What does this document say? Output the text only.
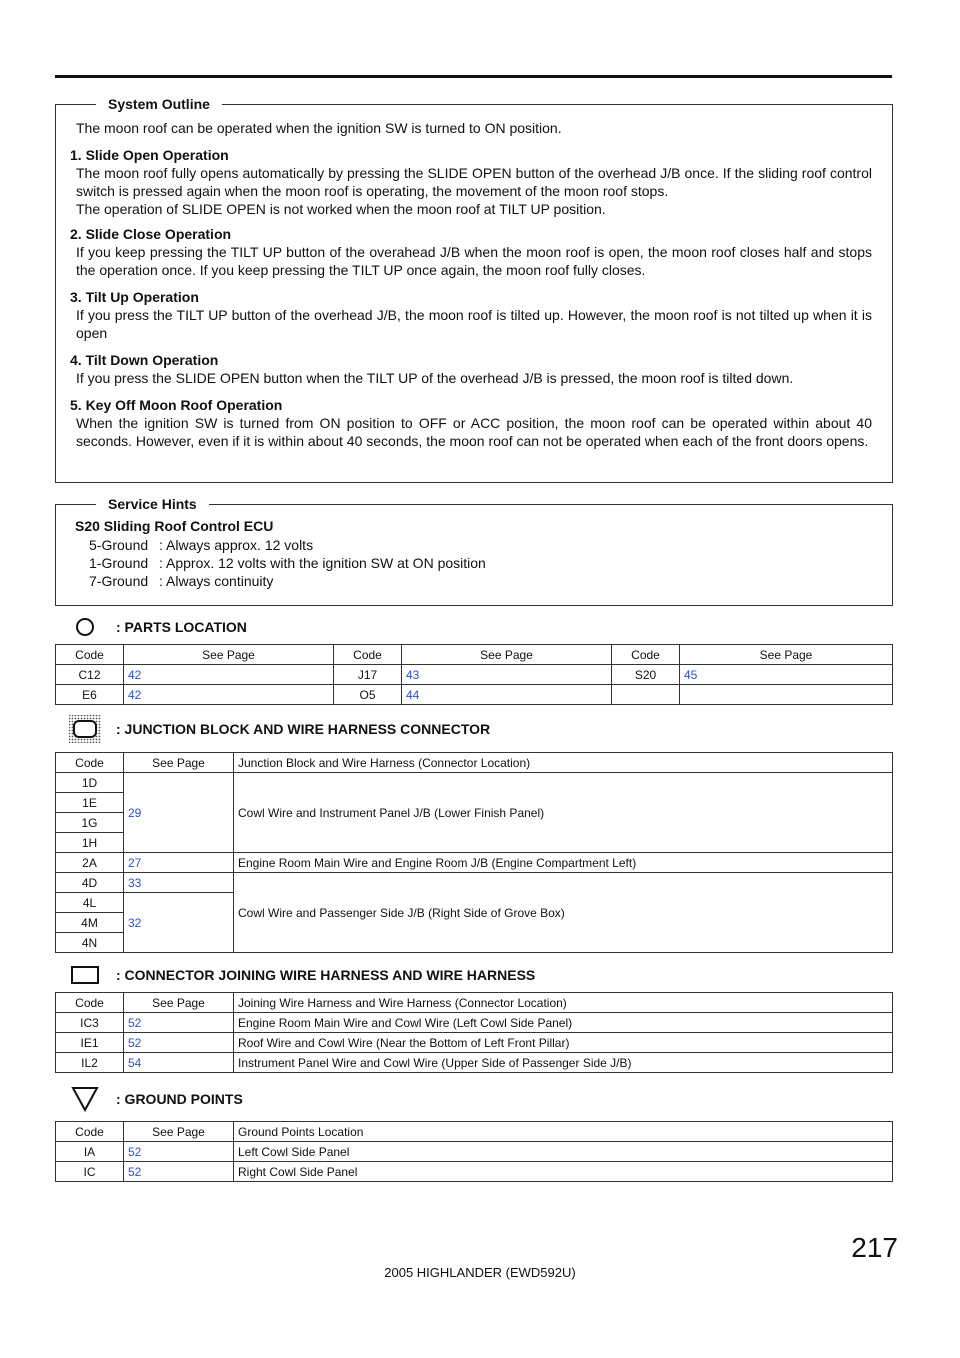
System Outline
The moon roof can be operated when the ignition SW is turned to ON position.
1. Slide Open Operation
The moon roof fully opens automatically by pressing the SLIDE OPEN button of the overhead J/B once. If the sliding roof control switch is pressed again when the moon roof is operating, the movement of the moon roof stops.
The operation of SLIDE OPEN is not worked when the moon roof at TILT UP position.
2. Slide Close Operation
If you keep pressing the TILT UP button of the overahead J/B when the moon roof is open, the moon roof closes half and stops the operation once. If you keep pressing the TILT UP once again, the moon roof fully closes.
3. Tilt Up Operation
If you press the TILT UP button of the overhead J/B, the moon roof is tilted up. However, the moon roof is not tilted up when it is open
4. Tilt Down Operation
If you press the SLIDE OPEN button when the TILT UP of the overhead J/B is pressed, the moon roof is tilted down.
5. Key Off Moon Roof Operation
When the ignition SW is turned from ON position to OFF or ACC position, the moon roof can be operated within about 40 seconds. However, even if it is within about 40 seconds, the moon roof can not be operated when each of the front doors opens.
Service Hints
S20 Sliding Roof Control ECU
5-Ground : Always approx. 12 volts
1-Ground : Approx. 12 volts with the ignition SW at ON position
7-Ground : Always continuity
: PARTS LOCATION
Code	See Page	Code	See Page	Code	See Page
C12	42	J17	43	S20	45
E6	42	O5	44		
: JUNCTION BLOCK AND WIRE HARNESS CONNECTOR
Code	See Page	Junction Block and Wire Harness (Connector Location)
1D	29	Cowl Wire and Instrument Panel J/B (Lower Finish Panel)
1E		
1G		
1H		
2A	27	Engine Room Main Wire and Engine Room J/B (Engine Compartment Left)
4D	33	Cowl Wire and Passenger Side J/B (Right Side of Grove Box)
4L	32	
4M		
4N		
: CONNECTOR JOINING WIRE HARNESS AND WIRE HARNESS
Code	See Page	Joining Wire Harness and Wire Harness (Connector Location)
IC3	52	Engine Room Main Wire and Cowl Wire (Left Cowl Side Panel)
IE1	52	Roof Wire and Cowl Wire (Near the Bottom of Left Front Pillar)
IL2	54	Instrument Panel Wire and Cowl Wire (Upper Side of Passenger Side J/B)
: GROUND POINTS
Code	See Page	Ground Points Location
IA	52	Left Cowl Side Panel
IC	52	Right Cowl Side Panel
217
2005 HIGHLANDER (EWD592U)
